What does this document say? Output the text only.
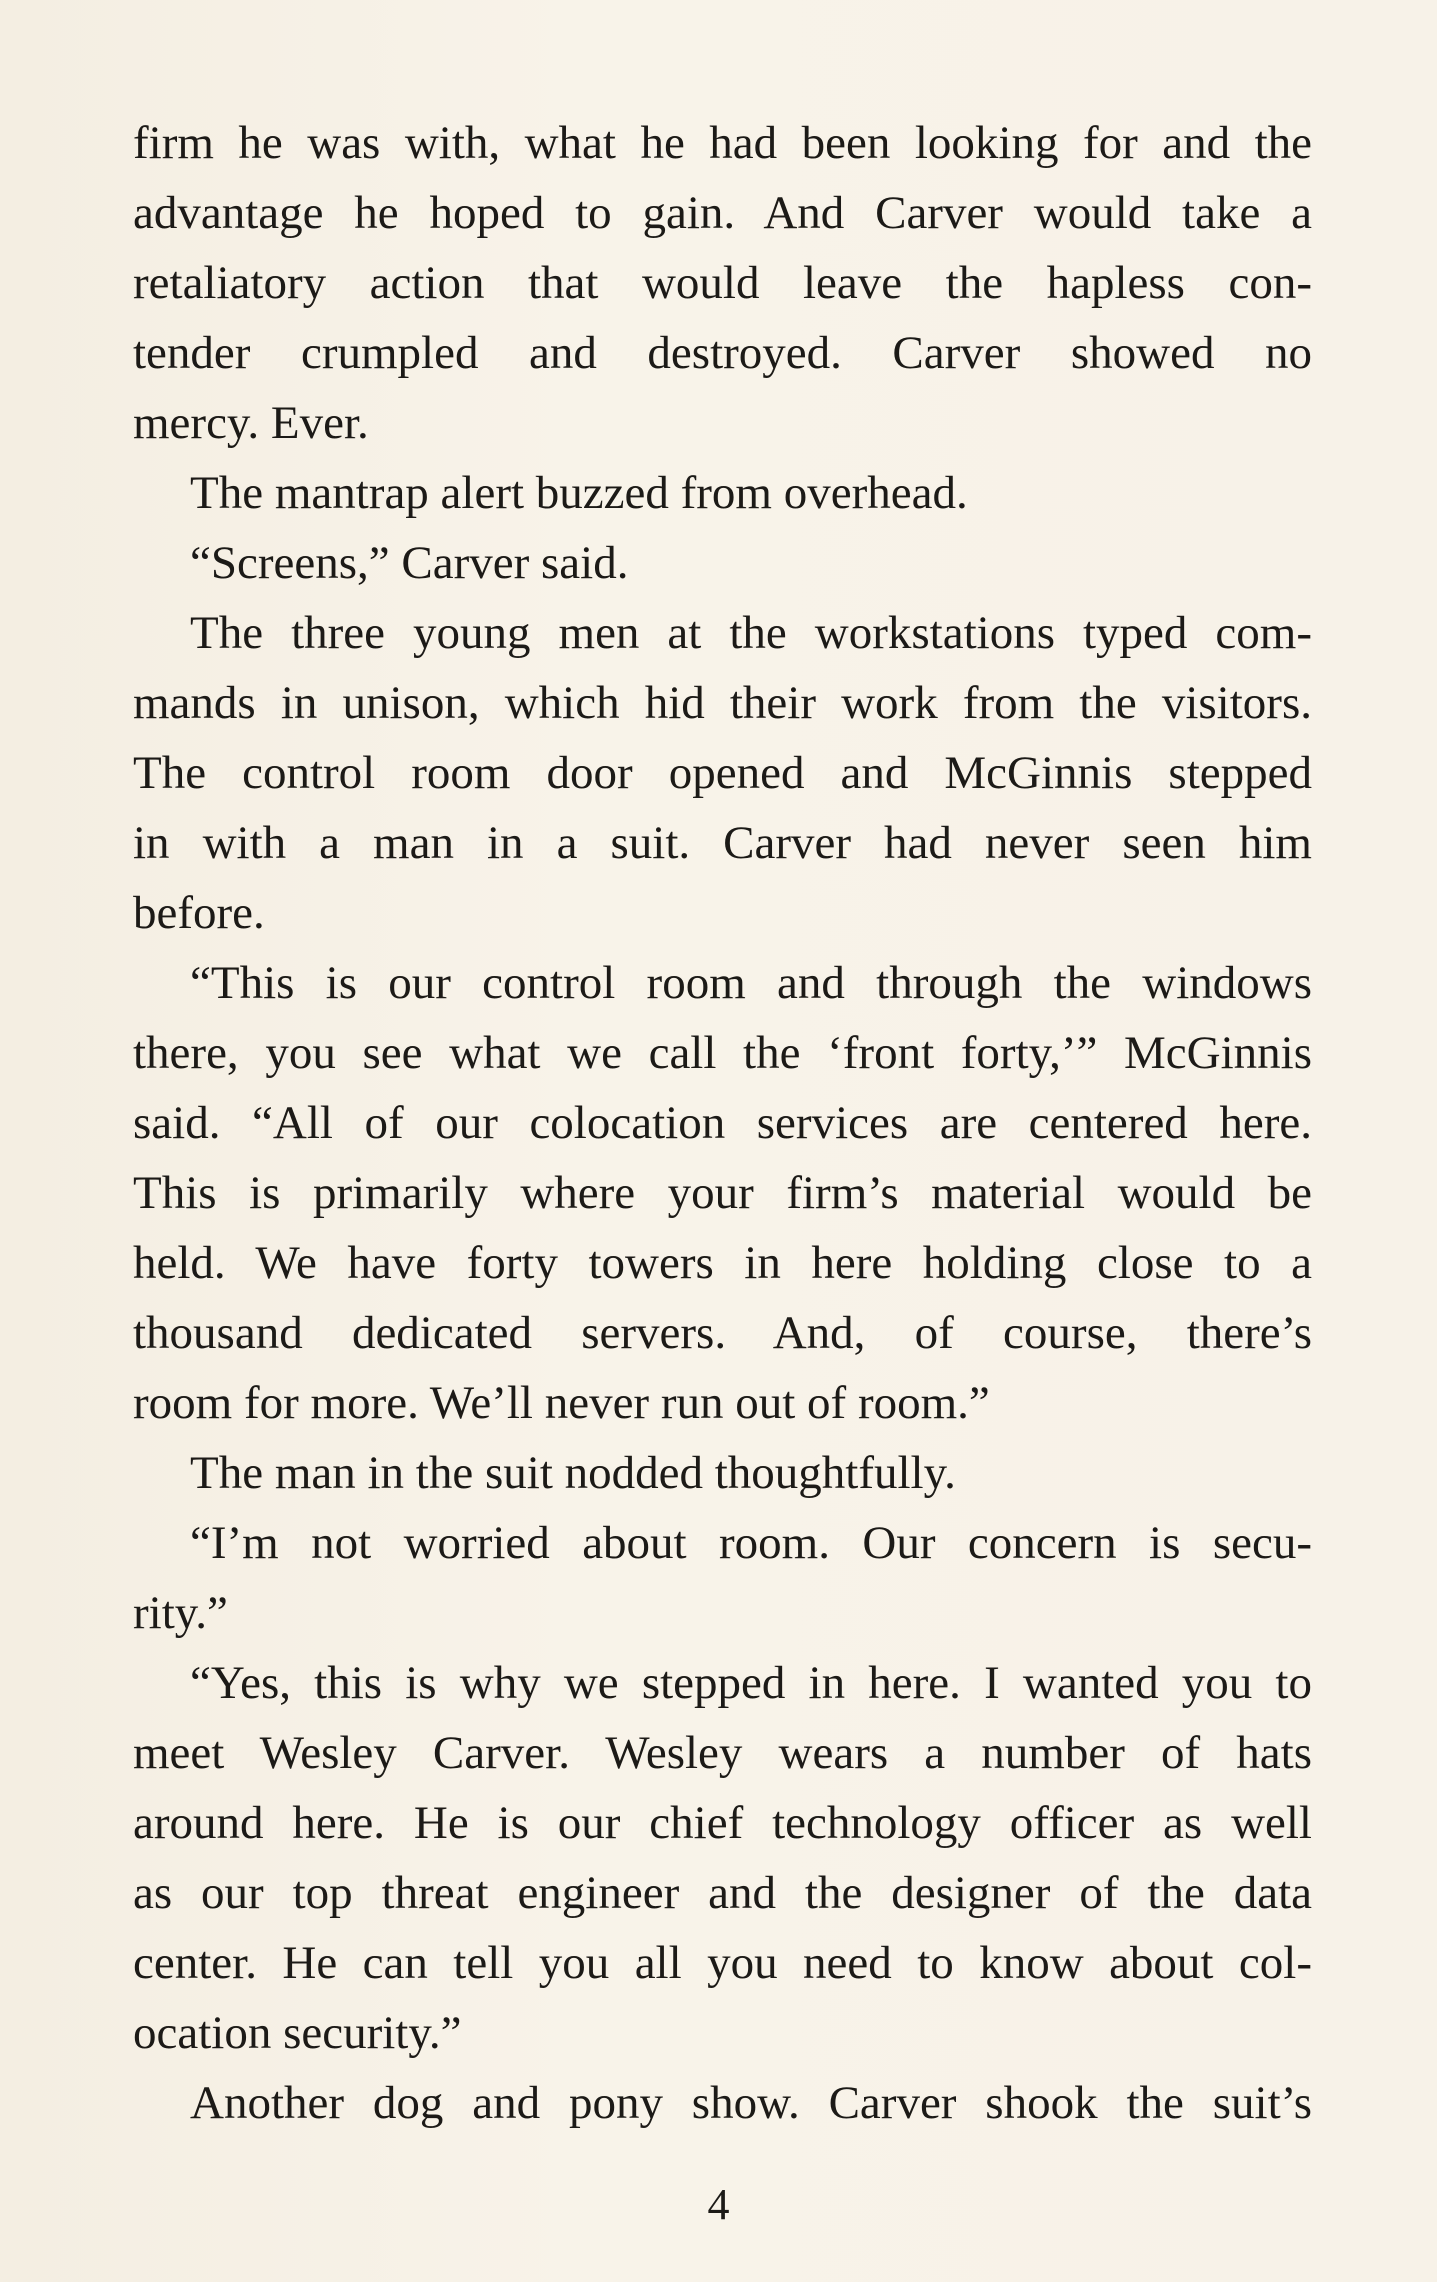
firm he was with, what he had been looking for and the
advantage he hoped to gain. And Carver would take a
retaliatory action that would leave the hapless con-
tender crumpled and destroyed. Carver showed no
mercy. Ever.
The mantrap alert buzzed from overhead.
“Screens,” Carver said.
The three young men at the workstations typed com-
mands in unison, which hid their work from the visitors.
The control room door opened and McGinnis stepped
in with a man in a suit. Carver had never seen him
before.
“This is our control room and through the windows
there, you see what we call the ‘front forty,’” McGinnis
said. “All of our colocation services are centered here.
This is primarily where your firm’s material would be
held. We have forty towers in here holding close to a
thousand dedicated servers. And, of course, there’s
room for more. We’ll never run out of room.”
The man in the suit nodded thoughtfully.
“I’m not worried about room. Our concern is secu-
rity.”
“Yes, this is why we stepped in here. I wanted you to
meet Wesley Carver. Wesley wears a number of hats
around here. He is our chief technology officer as well
as our top threat engineer and the designer of the data
center. He can tell you all you need to know about col-
ocation security.”
Another dog and pony show. Carver shook the suit’s
4
